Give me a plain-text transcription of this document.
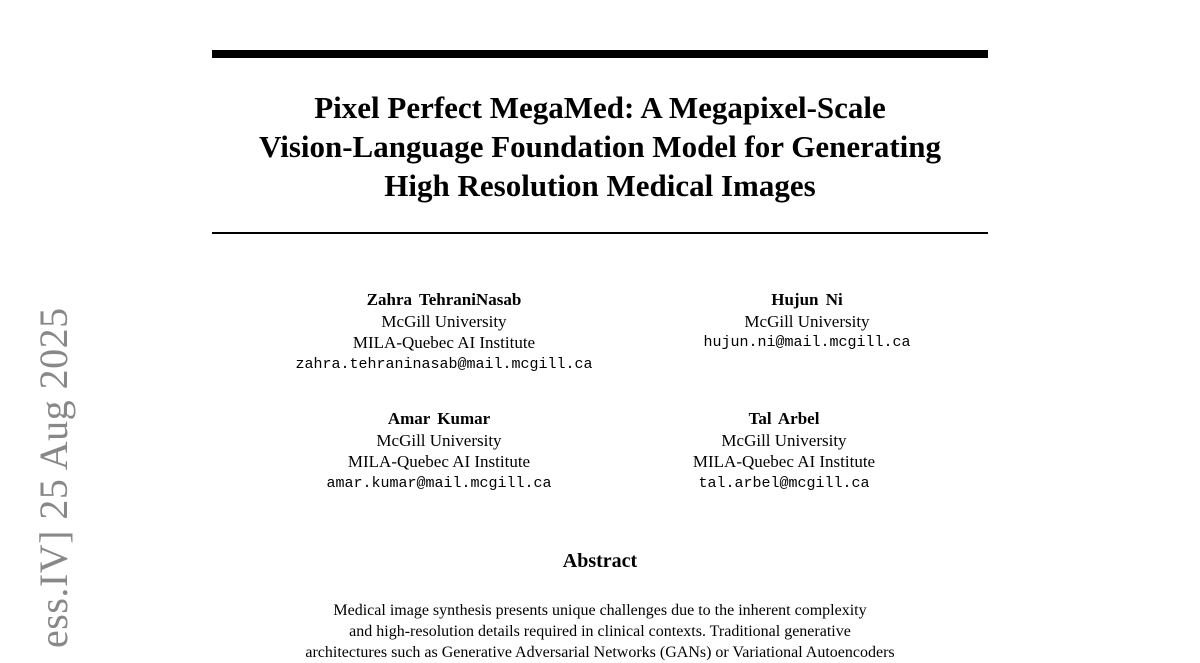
ess.IV] 25 Aug 2025
Pixel Perfect MegaMed: A Megapixel-Scale
Vision-Language Foundation Model for Generating
High Resolution Medical Images
Zahra TehraniNasab
McGill University
MILA-Quebec AI Institute
zahra.tehraninasab@mail.mcgill.ca
Hujun Ni
McGill University
hujun.ni@mail.mcgill.ca
Amar Kumar
McGill University
MILA-Quebec AI Institute
amar.kumar@mail.mcgill.ca
Tal Arbel
McGill University
MILA-Quebec AI Institute
tal.arbel@mcgill.ca
Abstract
Medical image synthesis presents unique challenges due to the inherent complexity
and high-resolution details required in clinical contexts. Traditional generative
architectures such as Generative Adversarial Networks (GANs) or Variational Autoencoders
